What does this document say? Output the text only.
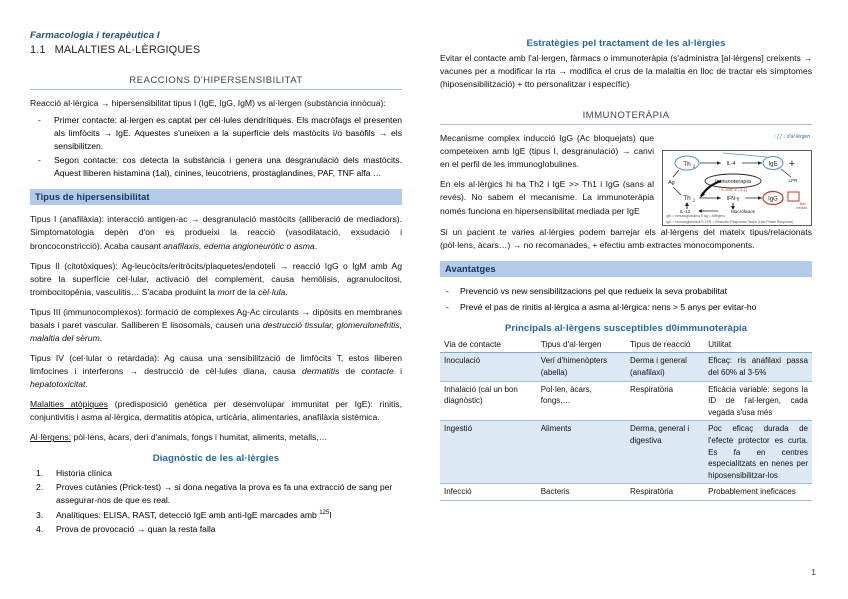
Farmacologia i terapèutica I
1.1 MALALTIES AL·LÈRGIQUES
REACCIONS D'HIPERSENSIBILITAT

Reacció al·lèrgica → hipersensibilitat tipus I (IgE, IgG, IgM) vs al·lergen (substància innòcua):

- Primer contacte: al·lergen es captat per cèl·lules dendrítiques. Els macròfags el presenten als limfòcits → IgE. Aquestes s'uneixen a la superfície dels mastòcits i/o basòfils → els sensibilitzen.
- Segon contacte: cos detecta la substància i genera una desgranulació dels mastòcits. Aquest lliberen histamina (1al), cinines, leucotriens, prostaglandines, PAF, TNF alfa …
Tipus de hipersensibilitat

Tipus I (anafilàxia): interacció antigen-ac → desgranulació mastòcits (alliberació de mediadors). Simptomatologia depèn d'on es produeixi la reacció (vasodilatació, exsudació i broncoconstricció). Acaba causant anafilaxis, edema angioneuròtic o asma.

Tipus II (citotòxiques): Ag-leucòcits/eritròcits/plaquetes/endoteli → reacció IgG o IgM amb Ag sobre la superfície cel·lular, activació del complement, causa hemòlisis, agranulocitosi, trombocitopènia, vasculitis… S'acaba produint la mort de la cèl·lula.

Tipus III (immunocomplexos): formació de complexes Ag-Ac circulants → dipòsits en membranes basals i paret vascular. Salliberen E lisosomals, causen una destrucció tissular, glomerulonefritis, malaltia del sèrum.

Tipus IV (cel·lular o retardada): Ag causa una sensibilització de limfòcits T, estos lliberen limfocines i interferons → destrucció de cèl·lules diana, causa dermatitis de contacte i hepatotoxicitat.

Malalties atòpiques (predisposició genètica per desenvolupar immunitat per IgE): rinitis, conjuntivitis i asma al·lèrgica, dermatitis atòpica, urticària, alimentaries, anafilàxia sistèmica.

Al·lèrgens: pòl·lens, àcars, deri d'animals, fongs i humitat, aliments, metalls,…

Diagnòstic de les al·lèrgies
Historia clínica
Proves cutànies (Prick-test) → si dona negativa la prova es fa una extracció de sang per assegurar-nos de que es real.
Analítiques: ELISA, RAST, detecció IgE amb anti-IgE marcades amb $^{125}$I
Prova de provocació → quan la resta falla
Estratègies pel tractament de les al·lèrgies

Evitar el contacte amb l'al·lergen, fàrmacs o immunoteràpia (s'administra [al·lèrgens] creixents → vacunes per a modificar la rta → modifica el crus de la malaltia en lloc de tractar els símptomes (hiposensibilització) + tto personalitzar i específic)

IMMUNOTERÀPIA

Mecanisme complex inducció IgG (Ac bloquejats) que competeixen amb IgE (tipus I, desgranulació) → canvi en el perfil de les immunoglobulines.

En els al·lèrgics hi ha Th2 i IgE >> Th1 i IgG (sans al revés). No sabem el mecanisme. La immunoteràpia només funciona en hipersensibilitat mediada per IgE

↑ [ ] ↓ d'al·lèrgen
Th 2	IL-4	IgE +
Ag	Inmunoterapia
↑IL-10/IL-x ↓IL-[ ]
Th 1	IFN-γ	IgG
LPR
IL-12	Macrófagos
↓ liber.
mediad.
IgE = Inmunoglobulina E Ag = Alérgeno
IgG = Inmunoglobulina G LPR = Reacción Respuesta Tardía (Late Phase Response)

Si un pacient te varies al·lèrgies podem barrejar els al·lèrgens del mateix tipus/relacionats (pòl·lens, àcars…) → no recomanades, + efectiu amb extractes monocomponents.

Avantatges
- Prevenció vs new sensibilitzacions pel que redueix la seva probabilitat
- Prevé el pas de rinitis al·lèrgica a asma al·lèrgica: nens > 5 anys per evitar-ho
Principals al·lèrgens susceptibles d0immunoteràpia
Via de contacte	Tipus d'al·lergen	Tipus de reacció	Utilitat
Inoculació	Verí d'himenòpters (abella)	Derma i general (anafilaxi)	Eficaç: ris anafilaxi passa del 60% al 3-5%
Inhalació (cal un bon diagnòstic)	Pol·len, àcars, fongs,…	Respiratòria	Eficàcia variable: segons la ID de l'al·lergen, cada vegada s'usa més
Ingestió	Aliments	Derma, general i digestiva	Poc eficaç durada de l'efecte protector es curta. Es fa en centres especialitzats en nenes per hiposensibilitzar-los
Infecció	Bacteris	Respiratòria	Probablement ineficaces
1
